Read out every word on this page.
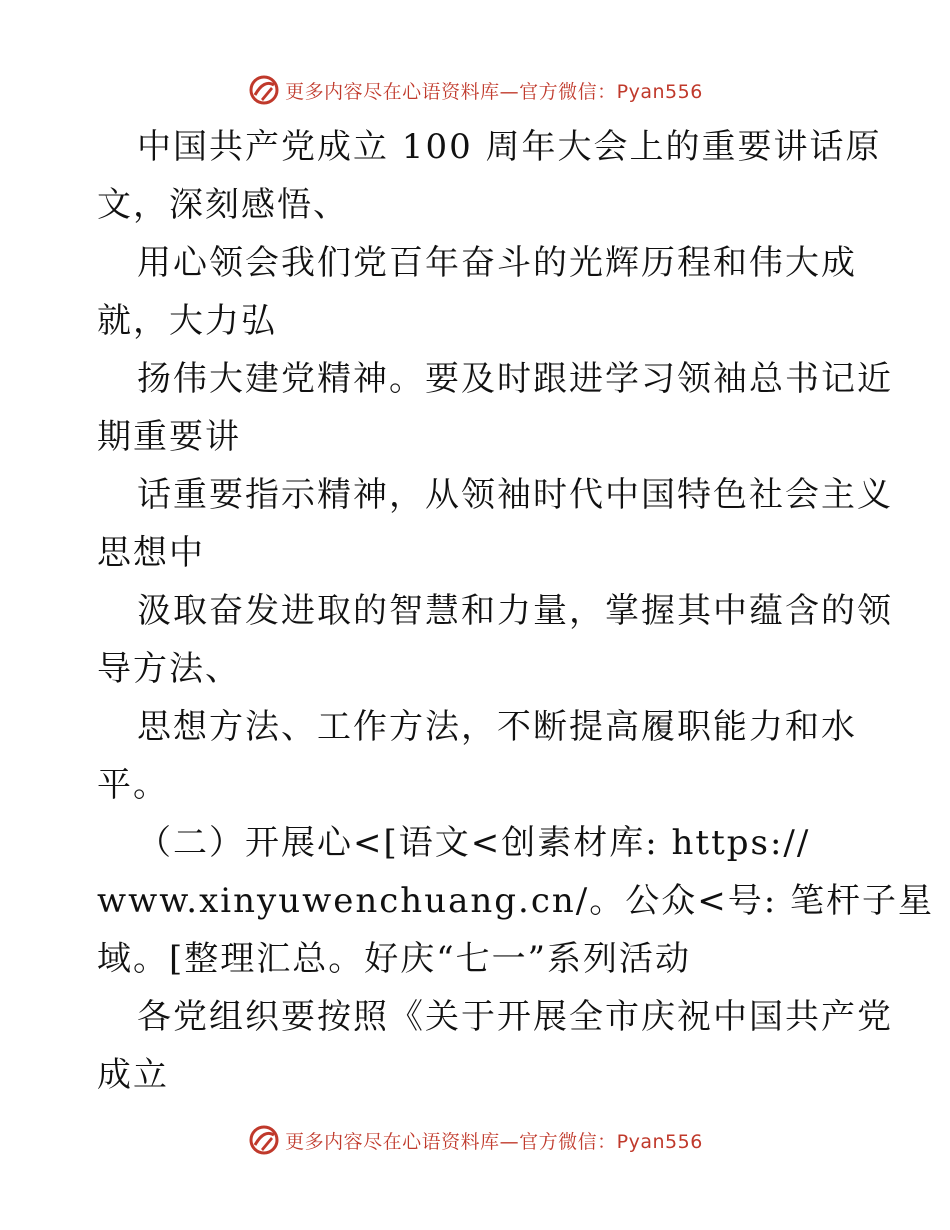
更多内容尽在心语资料库—官方微信：Pyan556
中国共产党成立 100 周年大会上的重要讲话原
文，深刻感悟、
用心领会我们党百年奋斗的光辉历程和伟大成
就，大力弘
扬伟大建党精神。要及时跟进学习领袖总书记近
期重要讲
话重要指示精神，从领袖时代中国特色社会主义
思想中
汲取奋发进取的智慧和力量，掌握其中蕴含的领
导方法、
思想方法、工作方法，不断提高履职能力和水
平。
（二）开展心<[语文<创素材库: https://
www.xinyuwenchuang.cn/。公众<号: 笔杆子星
域。[整理汇总。好庆“七一”系列活动
各党组织要按照《关于开展全市庆祝中国共产党
成立
更多内容尽在心语资料库—官方微信：Pyan556
